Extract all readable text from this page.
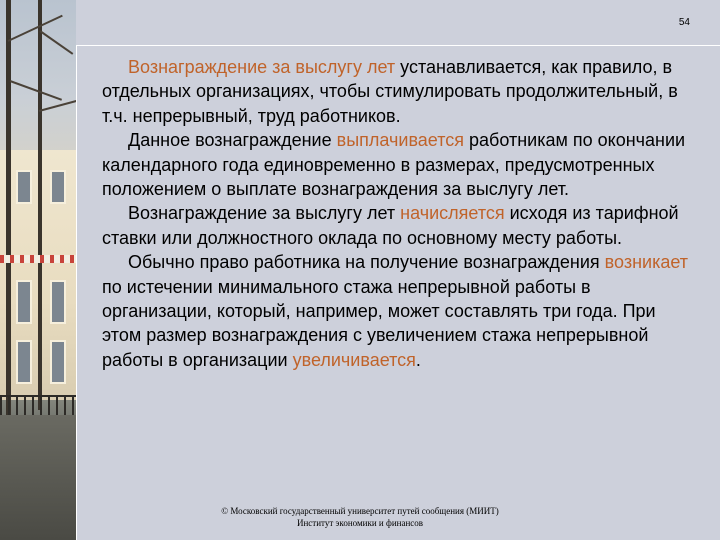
54

Вознаграждение за выслугу лет устанавливается, как правило, в отдельных организациях, чтобы стимулировать продолжительный, в т.ч. непрерывный, труд работников.

Данное вознаграждение выплачивается работникам по окончании календарного года единовременно в размерах, предусмотренных положением о выплате вознаграждения за выслугу лет.

Вознаграждение за выслугу лет начисляется исходя из тарифной ставки или должностного оклада по основному месту работы.

Обычно право работника на получение вознаграждения возникает по истечении минимального стажа непрерывной работы в организации, который, например, может составлять три года. При этом размер вознаграждения с увеличением стажа непрерывной работы в организации увеличивается.

© Московский государственный университет путей сообщения (МИИТ)
Институт экономики и финансов
